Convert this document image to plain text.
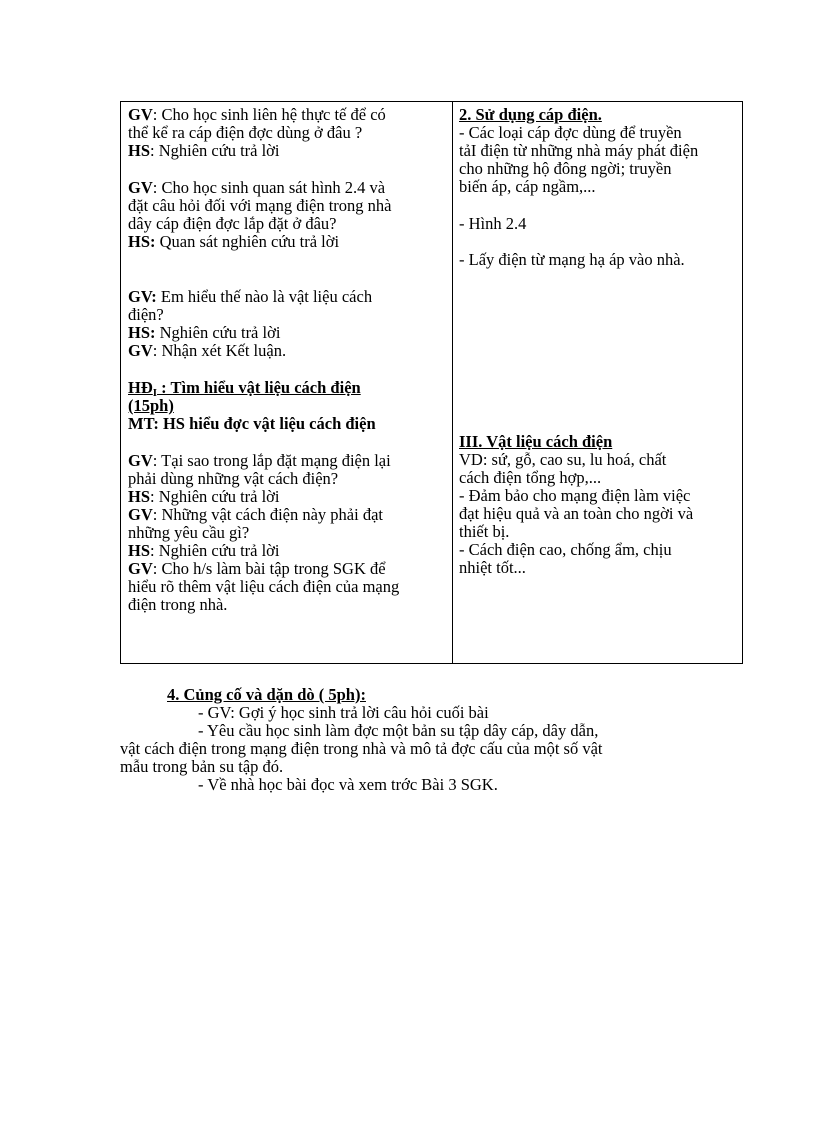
GV: Cho học sinh liên hệ thực tế để có
thể kể ra cáp điện đợc dùng ở đâu ?
HS: Nghiên cứu trả lời
GV: Cho học sinh quan sát hình 2.4 và
đặt câu hỏi đối với mạng điện trong nhà
dây cáp điện đợc lắp đặt ở đâu?
HS: Quan sát nghiên cứu trả lời
GV: Em hiểu thế nào là vật liệu cách
điện?
HS: Nghiên cứu trả lời
GV: Nhận xét Kết luận.
$HĐ_I$ : Tìm hiểu vật liệu cách điện
(15ph)
MT: HS hiểu đợc vật liệu cách điện
GV: Tại sao trong lắp đặt mạng điện lại
phải dùng những vật cách điện?
HS: Nghiên cứu trả lời
GV: Những vật cách điện này phải đạt
những yêu cầu gì?
HS: Nghiên cứu trả lời
GV: Cho h/s làm bài tập trong SGK để
hiểu rõ thêm vật liệu cách điện của mạng
điện trong nhà.
2. Sử dụng cáp điện.
- Các loại cáp đợc dùng để truyền
tảI điện từ những nhà máy phát điện
cho những hộ đông ngời; truyền
biến áp, cáp ngầm,...
- Hình 2.4
- Lấy điện từ mạng hạ áp vào nhà.
III. Vật liệu cách điện
VD: sứ, gỗ, cao su, lu hoá, chất
cách điện tổng hợp,...
- Đảm bảo cho mạng điện làm việc
đạt hiệu quả và an toàn cho ngời và
thiết bị.
- Cách điện cao, chống ẩm, chịu
nhiệt tốt...
4. Củng cố và dặn dò ( 5ph):
- GV: Gợi ý học sinh trả lời câu hỏi cuối bài
- Yêu cầu học sinh làm đợc một bản su tập dây cáp, dây dẫn,
vật cách điện trong mạng điện trong nhà và mô tả đợc cấu của một số vật
mẫu trong bản su tập đó.
- Về nhà học bài đọc và xem trớc Bài 3 SGK.
